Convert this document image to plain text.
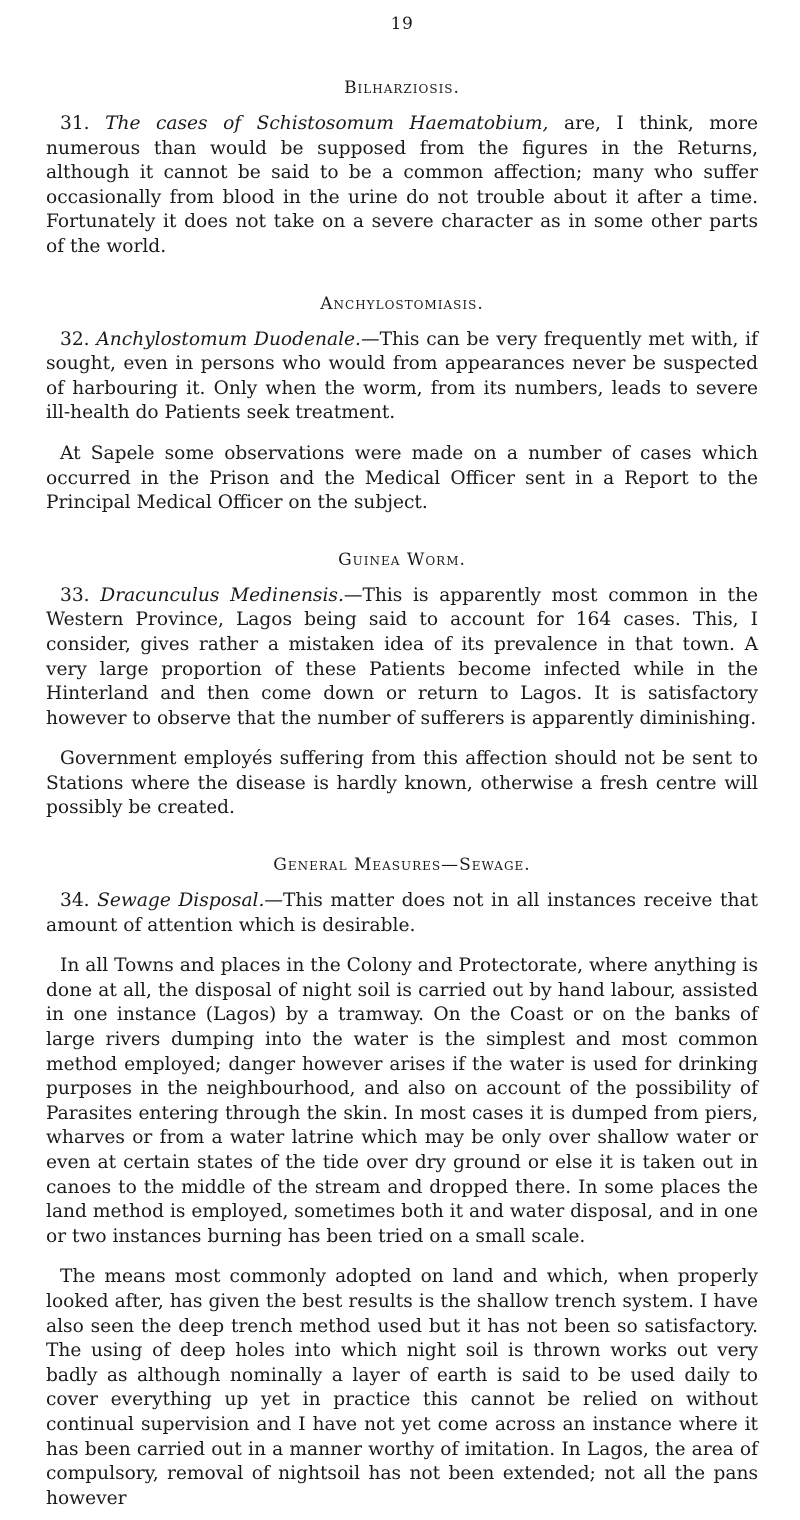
19
Bilharziosis.

31. The cases of Schistosomum Haematobium, are, I think, more numerous than would be supposed from the figures in the Returns, although it cannot be said to be a common affection; many who suffer occasionally from blood in the urine do not trouble about it after a time. Fortunately it does not take on a severe character as in some other parts of the world.

Anchylostomiasis.

32. Anchylostomum Duodenale.—This can be very frequently met with, if sought, even in persons who would from appearances never be suspected of harbouring it. Only when the worm, from its numbers, leads to severe ill-health do Patients seek treatment.

At Sapele some observations were made on a number of cases which occurred in the Prison and the Medical Officer sent in a Report to the Principal Medical Officer on the subject.

Guinea Worm.

33. Dracunculus Medinensis.—This is apparently most common in the Western Province, Lagos being said to account for 164 cases. This, I consider, gives rather a mistaken idea of its prevalence in that town. A very large proportion of these Patients become infected while in the Hinterland and then come down or return to Lagos. It is satisfactory however to observe that the number of sufferers is apparently diminishing.

Government employés suffering from this affection should not be sent to Stations where the disease is hardly known, otherwise a fresh centre will possibly be created.

General Measures—Sewage.

34. Sewage Disposal.—This matter does not in all instances receive that amount of attention which is desirable.

In all Towns and places in the Colony and Protectorate, where anything is done at all, the disposal of night soil is carried out by hand labour, assisted in one instance (Lagos) by a tramway. On the Coast or on the banks of large rivers dumping into the water is the simplest and most common method employed; danger however arises if the water is used for drinking purposes in the neighbourhood, and also on account of the possibility of Parasites entering through the skin. In most cases it is dumped from piers, wharves or from a water latrine which may be only over shallow water or even at certain states of the tide over dry ground or else it is taken out in canoes to the middle of the stream and dropped there. In some places the land method is employed, sometimes both it and water disposal, and in one or two instances burning has been tried on a small scale.

The means most commonly adopted on land and which, when properly looked after, has given the best results is the shallow trench system. I have also seen the deep trench method used but it has not been so satisfactory. The using of deep holes into which night soil is thrown works out very badly as although nominally a layer of earth is said to be used daily to cover everything up yet in practice this cannot be relied on without continual supervision and I have not yet come across an instance where it has been carried out in a manner worthy of imitation. In Lagos, the area of compulsory, removal of nightsoil has not been extended; not all the pans however
